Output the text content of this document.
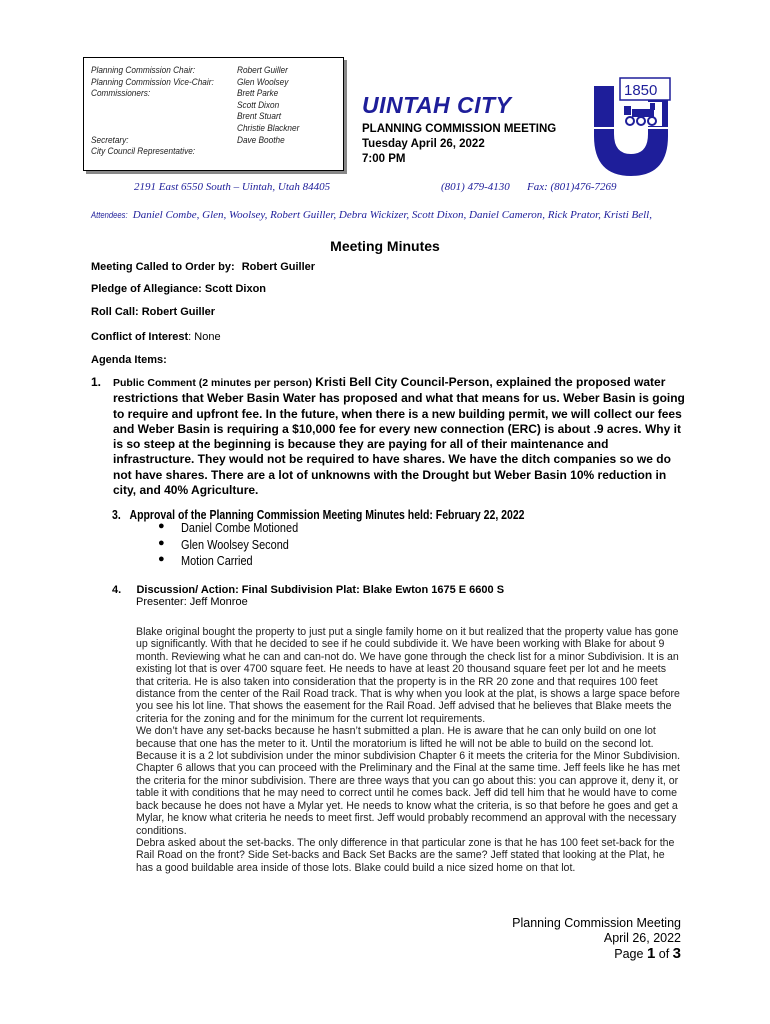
Planning Commission Chair:
Planning Commission Vice-Chair:
Commissioners:

Secretary:
City Council Representative:
Robert Guiller
Glen Woolsey
Brett Parke
Scott Dixon
Brent Stuart
Christie Blackner
Dave Boothe
UINTAH CITY
PLANNING COMMISSION MEETING
Tuesday April 26, 2022
7:00 PM
1850
2191 East 6550 South – Uintah, Utah 84405	(801) 479-4130 Fax: (801)476-7269
Attendees: Daniel Combe, Glen, Woolsey, Robert Guiller, Debra Wickizer, Scott Dixon, Daniel Cameron, Rick Prator, Kristi Bell,
Meeting Minutes
Meeting Called to Order by: Robert Guiller
Pledge of Allegiance: Scott Dixon
Roll Call: Robert Guiller
Conflict of Interest: None
Agenda Items:
1. Public Comment (2 minutes per person) Kristi Bell City Council-Person, explained the proposed water restrictions that Weber Basin Water has proposed and what that means for us. Weber Basin is going to require and upfront fee. In the future, when there is a new building permit, we will collect our fees and Weber Basin is requiring a $10,000 fee for every new connection (ERC) is about .9 acres. Why it is so steep at the beginning is because they are paying for all of their maintenance and infrastructure. They would not be required to have shares. We have the ditch companies so we do not have shares. There are a lot of unknowns with the Drought but Weber Basin 10% reduction in city, and 40% Agriculture.
3. Approval of the Planning Commission Meeting Minutes held: February 22, 2022
● Daniel Combe Motioned
● Glen Woolsey Second
● Motion Carried
4. Discussion/ Action: Final Subdivision Plat: Blake Ewton 1675 E 6600 S
Presenter: Jeff Monroe

Blake original bought the property to just put a single family home on it but realized that the property value has gone up significantly. With that he decided to see if he could subdivide it. We have been working with Blake for about 9 month. Reviewing what he can and can-not do. We have gone through the check list for a minor Subdivision. It is an existing lot that is over 4700 square feet. He needs to have at least 20 thousand square feet per lot and he meets that criteria. He is also taken into consideration that the property is in the RR 20 zone and that requires 100 feet distance from the center of the Rail Road track. That is why when you look at the plat, is shows a large space before you see his lot line. That shows the easement for the Rail Road. Jeff advised that he believes that Blake meets the criteria for the zoning and for the minimum for the current lot requirements.

We don’t have any set-backs because he hasn’t submitted a plan. He is aware that he can only build on one lot because that one has the meter to it. Until the moratorium is lifted he will not be able to build on the second lot. Because it is a 2 lot subdivision under the minor subdivision Chapter 6 it meets the criteria for the Minor Subdivision. Chapter 6 allows that you can proceed with the Preliminary and the Final at the same time. Jeff feels like he has met the criteria for the minor subdivision. There are three ways that you can go about this: you can approve it, deny it, or table it with conditions that he may need to correct until he comes back. Jeff did tell him that he would have to come back because he does not have a Mylar yet. He needs to know what the criteria, is so that before he goes and get a Mylar, he know what criteria he needs to meet first. Jeff would probably recommend an approval with the necessary conditions.

Debra asked about the set-backs. The only difference in that particular zone is that he has 100 feet set-back for the Rail Road on the front? Side Set-backs and Back Set Backs are the same? Jeff stated that looking at the Plat, he has a good buildable area inside of those lots. Blake could build a nice sized home on that lot.

Planning Commission Meeting
April 26, 2022
Page 1 of 3
